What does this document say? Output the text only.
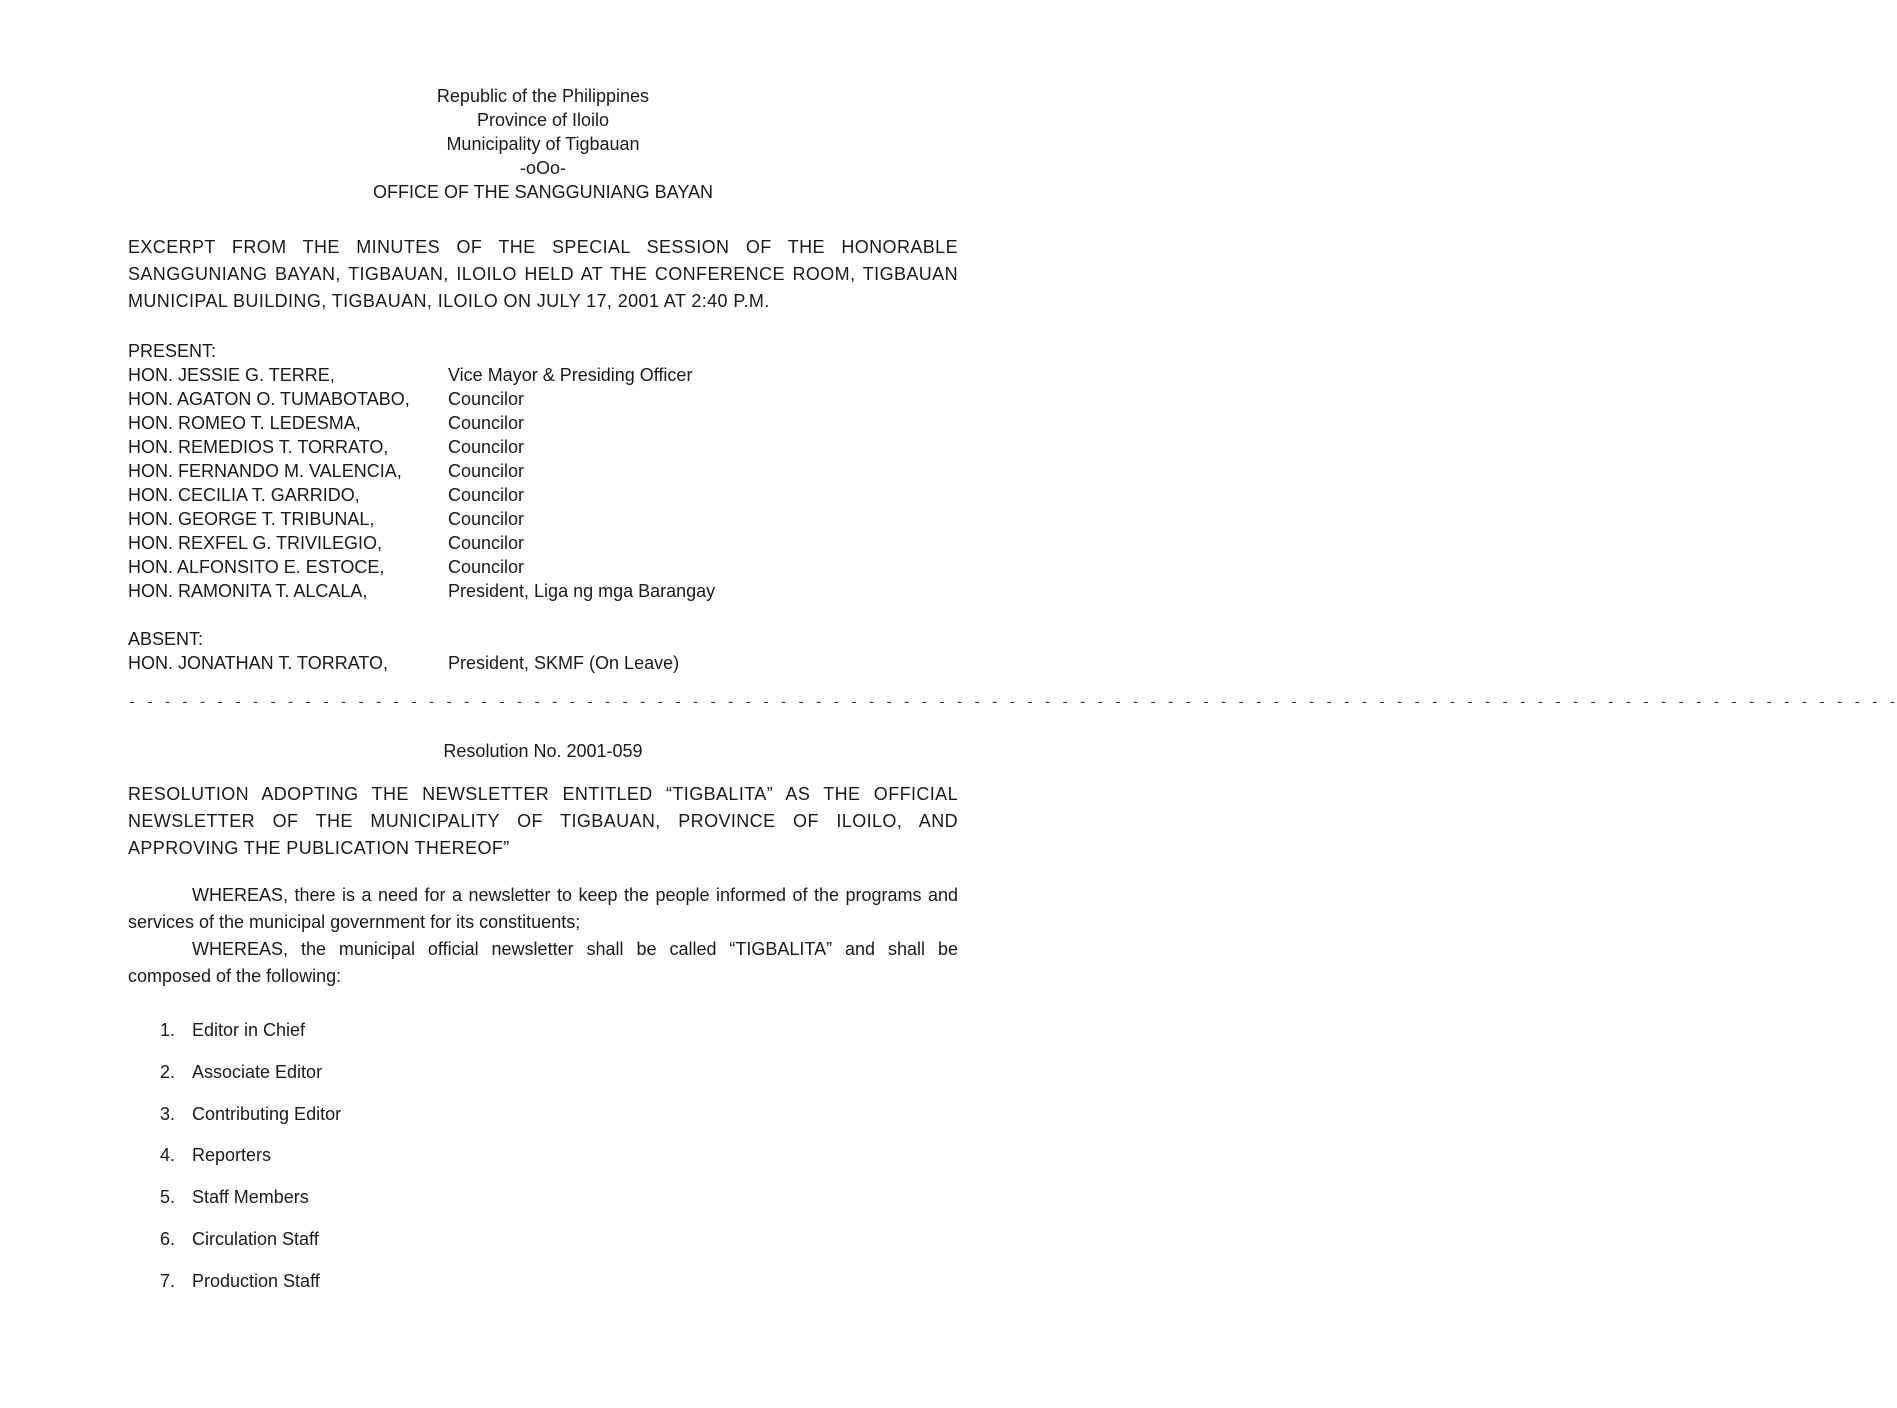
Republic of the Philippines
Province of Iloilo
Municipality of Tigbauan
-oOo-
OFFICE OF THE SANGGUNIANG BAYAN
EXCERPT FROM THE MINUTES OF THE SPECIAL SESSION OF THE HONORABLE SANGGUNIANG BAYAN, TIGBAUAN, ILOILO HELD AT THE CONFERENCE ROOM, TIGBAUAN MUNICIPAL BUILDING, TIGBAUAN, ILOILO ON JULY 17, 2001 AT 2:40 P.M.
PRESENT:
HON. JESSIE G. TERRE,	Vice Mayor & Presiding Officer
HON. AGATON O. TUMABOTABO,	Councilor
HON. ROMEO T. LEDESMA,	Councilor
HON. REMEDIOS T. TORRATO,	Councilor
HON. FERNANDO M. VALENCIA,	Councilor
HON. CECILIA T. GARRIDO,	Councilor
HON. GEORGE T. TRIBUNAL,	Councilor
HON. REXFEL G. TRIVILEGIO,	Councilor
HON. ALFONSITO E. ESTOCE,	Councilor
HON. RAMONITA T. ALCALA,	President, Liga ng mga Barangay
ABSENT:
HON. JONATHAN T. TORRATO,	President, SKMF (On Leave)
- - - - - - - - - - - - - - - - - - - - - - - - - - - - - - - - - - - - - - - - - - - - - - - - - - - - - - - - - - - - - - - - - - - - - - - - - - - - - - - - - - - - - - - - - - - - - - - - - - - - -
Resolution No. 2001-059
RESOLUTION ADOPTING THE NEWSLETTER ENTITLED “TIGBALITA” AS THE OFFICIAL NEWSLETTER OF THE MUNICIPALITY OF TIGBAUAN, PROVINCE OF ILOILO, AND APPROVING THE PUBLICATION THEREOF”

WHEREAS, there is a need for a newsletter to keep the people informed of the programs and services of the municipal government for its constituents;

WHEREAS, the municipal official newsletter shall be called “TIGBALITA” and shall be composed of the following:

1. Editor in Chief
2. Associate Editor
3. Contributing Editor
4. Reporters
5. Staff Members
6. Circulation Staff
7. Production Staff
